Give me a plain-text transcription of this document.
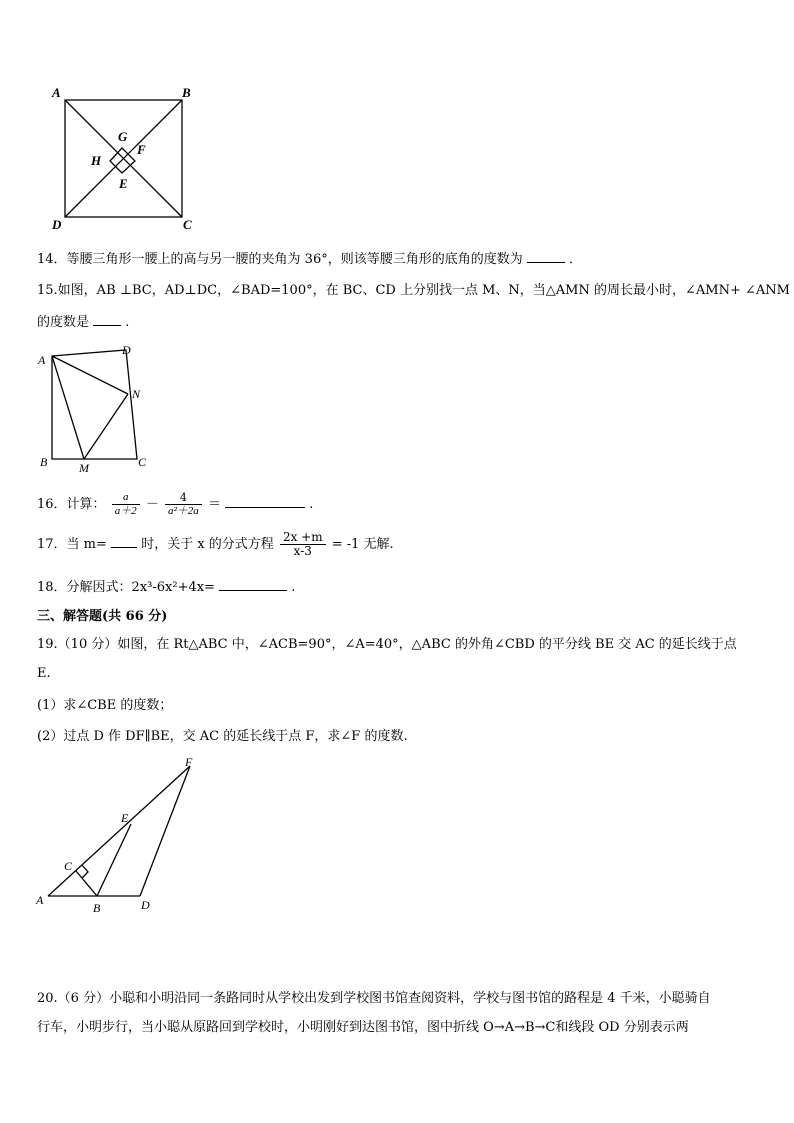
A	B
C
D
E
F
G
H
14．等腰三角形一腰上的高与另一腰的夹角为 36°，则该等腰三角形的底角的度数为	．
15.如图，AB ⊥BC，AD⊥DC，∠BAD=100°，在 BC、CD 上分别找一点 M、N，当△AMN 的周长最小时，∠AMN+ ∠ANM
的度数是	.
A
D
N
B	M	C
16．计算： $\frac{a}{a+2} - \frac{4}{\text{a²＋2a}}$ ＝	.
17．当 m=	时，关于 x 的分式方程 $\frac{2x +m}{x-3} = -1$ 无解.
18．分解因式：2x³-6x²+4x=	.
三、解答题(共 66 分)
19.（10 分）如图，在 Rt△ABC 中，∠ACB=90°，∠A=40°，△ABC 的外角∠CBD 的平分线 BE 交 AC 的延长线于点
E.
(1）求∠CBE 的度数；
(2）过点 D 作 DF∥BE，交 AC 的延长线于点 F，求∠F 的度数.
A
B
C
D
E
F
20.（6 分）小聪和小明沿同一条路同时从学校出发到学校图书馆查阅资料，学校与图书馆的路程是 4 千米，小聪骑自
行车，小明步行，当小聪从原路回到学校时，小明刚好到达图书馆，图中折线 O→A→B→C和线段 OD 分别表示两
